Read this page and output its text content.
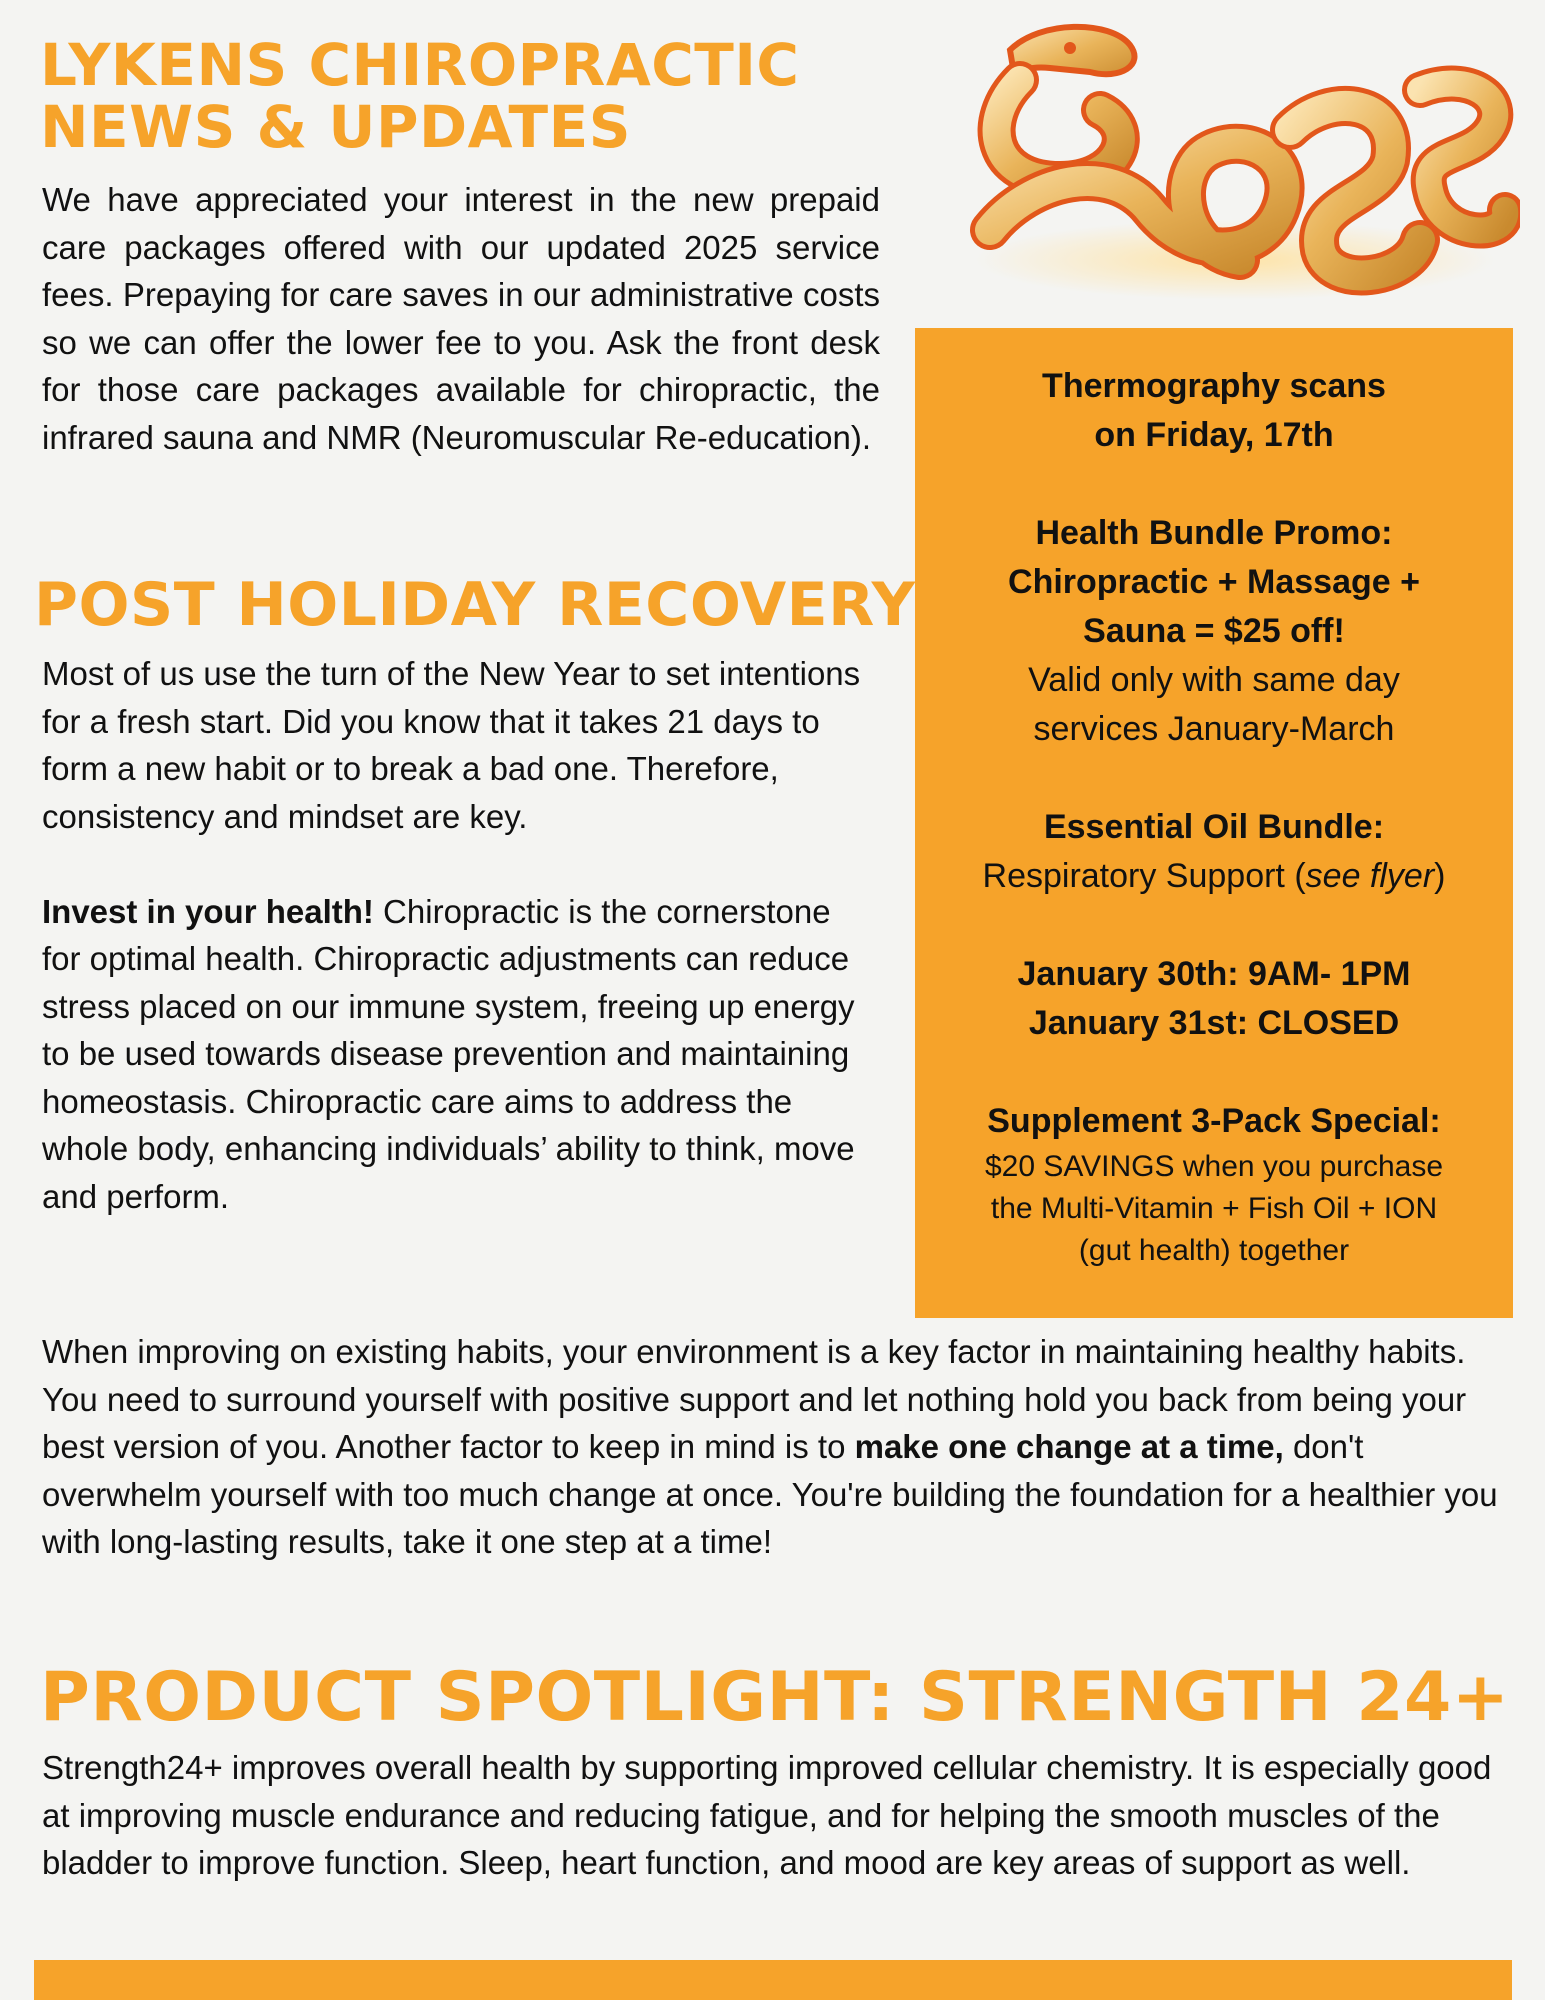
LYKENS CHIROPRACTIC
NEWS & UPDATES

We have appreciated your interest in the new prepaid care packages offered with our updated 2025 service fees. Prepaying for care saves in our administrative costs so we can offer the lower fee to you. Ask the front desk for those care packages available for chiropractic, the infrared sauna and NMR (Neuromuscular Re-education).

Thermography scans
on Friday, 17th
Health Bundle Promo:
Chiropractic + Massage +
Sauna = $25 off!
Valid only with same day
services January-March
Essential Oil Bundle:
Respiratory Support (see flyer)
January 30th: 9AM- 1PM
January 31st: CLOSED
Supplement 3-Pack Special:
$20 SAVINGS when you purchase
the Multi-Vitamin + Fish Oil + ION
(gut health) together
POST HOLIDAY RECOVERY

Most of us use the turn of the New Year to set intentions for a fresh start. Did you know that it takes 21 days to form a new habit or to break a bad one. Therefore, consistency and mindset are key.

Invest in your health! Chiropractic is the cornerstone for optimal health. Chiropractic adjustments can reduce stress placed on our immune system, freeing up energy to be used towards disease prevention and maintaining homeostasis. Chiropractic care aims to address the whole body, enhancing individuals’ ability to think, move and perform.

When improving on existing habits, your environment is a key factor in maintaining healthy habits. You need to surround yourself with positive support and let nothing hold you back from being your best version of you. Another factor to keep in mind is to make one change at a time, don't overwhelm yourself with too much change at once. You're building the foundation for a healthier you with long-lasting results, take it one step at a time!

PRODUCT SPOTLIGHT: STRENGTH 24+

Strength24+ improves overall health by supporting improved cellular chemistry. It is especially good at improving muscle endurance and reducing fatigue, and for helping the smooth muscles of the bladder to improve function. Sleep, heart function, and mood are key areas of support as well.
